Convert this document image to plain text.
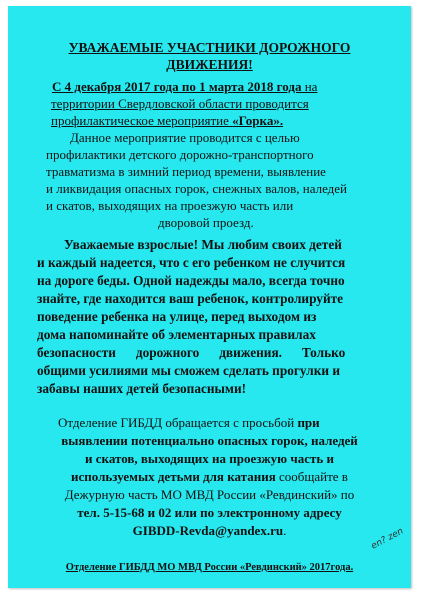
УВАЖАЕМЫЕ УЧАСТНИКИ ДОРОЖНОГО
ДВИЖЕНИЯ!
С 4 декабря 2017 года по 1 марта 2018 года на
территории Свердловской области проводится
профилактическое мероприятие «Горка».
Данное мероприятие проводится с целью
профилактики детского дорожно-транспортного
травматизма в зимний период времени, выявление
и ликвидация опасных горок, снежных валов, наледей
и скатов, выходящих на проезжую часть или
дворовой проезд.
Уважаемые взрослые! Мы любим своих детей
и каждый надеется, что с его ребенком не случится
на дороге беды. Одной надежды мало, всегда точно
знайте, где находится ваш ребенок, контролируйте
поведение ребенка на улице, перед выходом из
дома напоминайте об элементарных правилах
безопасности      дорожного      движения.      Только
общими усилиями мы сможем сделать прогулки и
забавы наших детей безопасными!
Отделение ГИБДД обращается с просьбой при
выявлении потенциально опасных горок, наледей
и скатов, выходящих на проезжую часть и
используемых детьми для катания сообщайте в
Дежурную часть МО МВД России «Ревдинский» по
тел. 5-15-68 и 02 или по электронному адресу
GIBDD-Revda@yandex.ru.
Отделение ГИБДД МО МВД России «Ревдинский» 2017года.
en? zen
